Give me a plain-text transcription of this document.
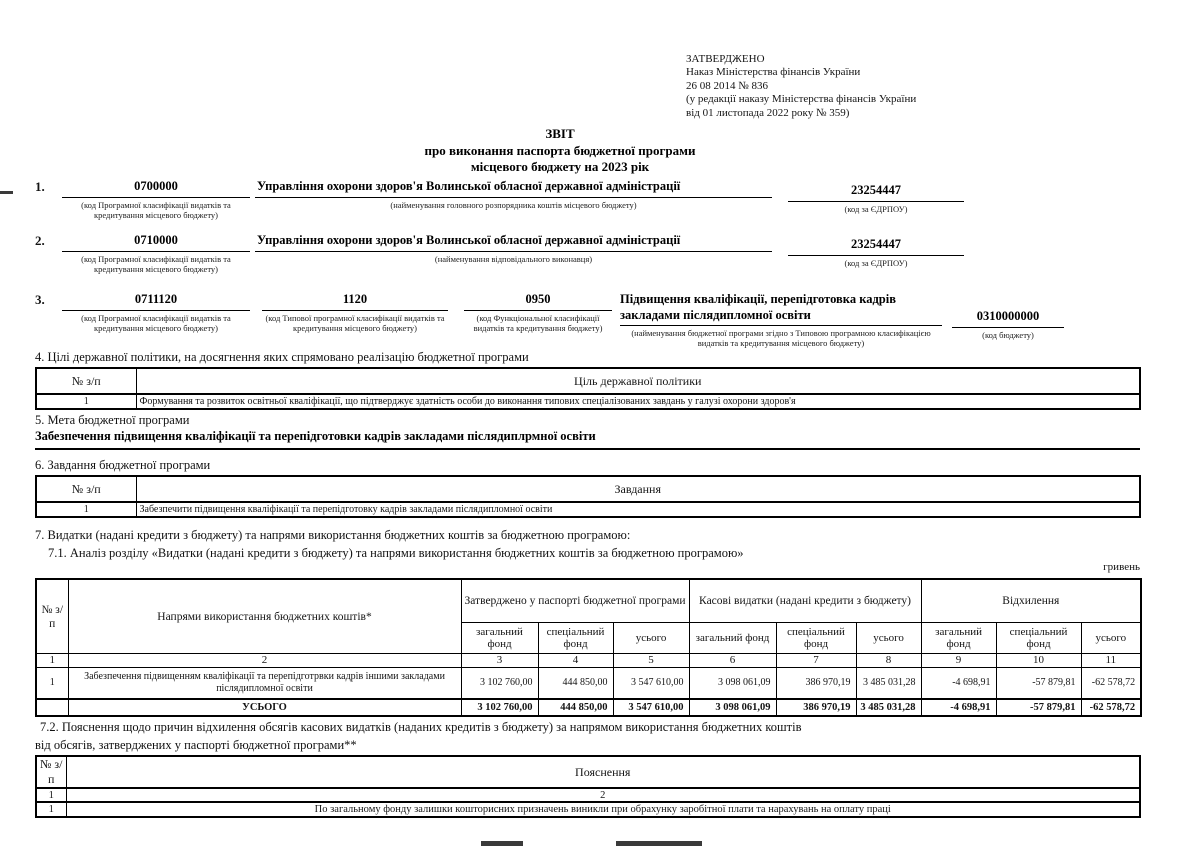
ЗАТВЕРДЖЕНО
Наказ Міністерства фінансів України
26 08 2014 № 836
(у редакції наказу Міністерства фінансів України
від 01 листопада 2022 року № 359)
ЗВІТ
про виконання паспорта бюджетної програми
місцевого бюджету на 2023 рік
1.	0700000
(код Програмної класифікації видатків та кредитування місцевого бюджету)
Управління охорони здоров'я Волинської обласної державної адміністрації
(найменування головного розпорядника коштів місцевого бюджету)
23254447
(код за ЄДРПОУ)
2.	0710000
(код Програмної класифікації видатків та кредитування місцевого бюджету)
Управління охорони здоров'я Волинської обласної державної адміністрації
(найменування відповідального виконавця)
23254447
(код за ЄДРПОУ)
3.	0711120
(код Програмної класифікації видатків та кредитування місцевого бюджету)
1120
(код Типової програмної класифікації видатків та кредитування місцевого бюджету)
0950
(код Функціональної класифікації видатків та кредитування бюджету)
Підвищення кваліфікації, перепідготовка кадрів закладами післядипломної освіти
(найменування бюджетної програми згідно з Типовою програмною класифікацією видатків та кредитування місцевого бюджету)
0310000000
(код бюджету)
4. Цілі державної політики, на досягнення яких спрямовано реалізацію бюджетної програми
№ з/п	Ціль державної політики
1	Формування та розвиток освітньої кваліфікації, що підтверджує здатність особи до виконання типових спеціалізованих завдань у галузі охорони здоров'я
5. Мета бюджетної програми
Забезпечення підвищення кваліфікації та перепідготовки кадрів закладами післядиплрмної освіти
6. Завдання бюджетної програми
№ з/п	Завдання
1	Забезпечити підвищення кваліфікації та перепідготовку кадрів закладами післядипломної освіти
7. Видатки (надані кредити з бюджету) та напрями використання бюджетних коштів за бюджетною програмою:
7.1. Аналіз розділу «Видатки (надані кредити з бюджету) та напрями використання бюджетних коштів за бюджетною програмою»
гривень
№ з/п	Напрями використання бюджетних коштів*	Затверджено у паспорті бюджетної програми			Касові видатки (надані кредити з бюджету)			Відхилення		
		загальний фонд	спеціальний фонд	усього	загальний фонд	спеціальний фонд	усього	загальний фонд	спеціальний фонд	усього
1	2	3	4	5	6	7	8	9	10	11
1	Забезпечення підвищенням кваліфікації та перепідготрвки кадрів іншими закладами післядипломної освіти	3 102 760,00	444 850,00	3 547 610,00	3 098 061,09	386 970,19	3 485 031,28	-4 698,91	-57 879,81	-62 578,72
	УСЬОГО	3 102 760,00	444 850,00	3 547 610,00	3 098 061,09	386 970,19	3 485 031,28	-4 698,91	-57 879,81	-62 578,72
7.2. Пояснення щодо причин відхилення обсягів касових видатків (наданих кредитів з бюджету) за напрямом використання бюджетних коштів
від обсягів, затверджених у паспорті бюджетної програми**
№ з/п	Пояснення
1	2
1	По загальному фонду залишки кошторисних призначень виникли при обрахунку заробітної плати та нарахувань на оплату праці
